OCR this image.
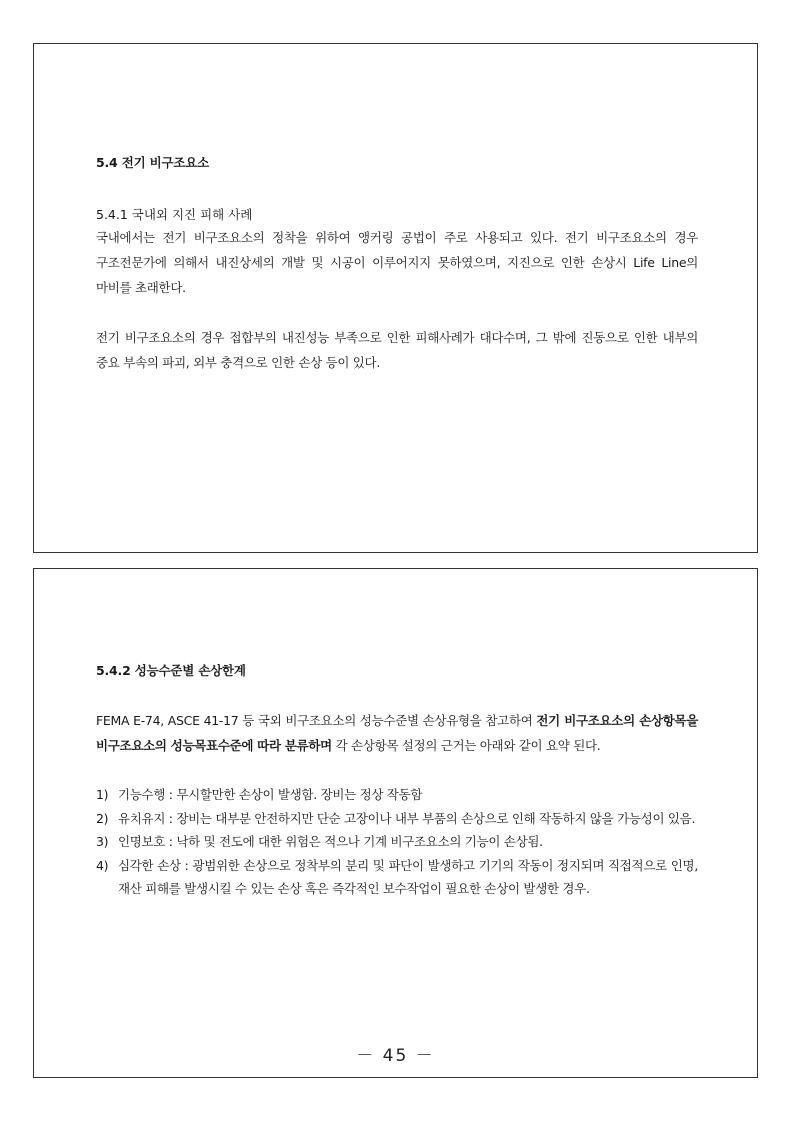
5.4 전기 비구조요소

5.4.1 국내외 지진 피해 사례

국내에서는 전기 비구조요소의 정착을 위하여 앵커링 공법이 주로 사용되고 있다. 전기 비구조요소의 경우 구조전문가에 의해서 내진상세의 개발 및 시공이 이루어지지 못하였으며, 지진으로 인한 손상시 Life Line의 마비를 초래한다.

전기 비구조요소의 경우 접합부의 내진성능 부족으로 인한 피해사례가 대다수며, 그 밖에 진동으로 인한 내부의 중요 부속의 파괴, 외부 충격으로 인한 손상 등이 있다.

5.4.2 성능수준별 손상한계

FEMA E-74, ASCE 41-17 등 국외 비구조요소의 성능수준별 손상유형을 참고하여 전기 비구조요소의 손상항목을 비구조요소의 성능목표수준에 따라 분류하며 각 손상항목 설정의 근거는 아래와 같이 요약 된다.

1) 기능수행 : 무시할만한 손상이 발생함. 장비는 정상 작동함
2) 유치유지 : 장비는 대부분 안전하지만 단순 고장이나 내부 부품의 손상으로 인해 작동하지 않을 가능성이 있음.
3) 인명보호 : 낙하 및 전도에 대한 위험은 적으나 기계 비구조요소의 기능이 손상됨.
4) 심각한 손상 : 광범위한 손상으로 정착부의 분리 및 파단이 발생하고 기기의 작동이 정지되며 직접적으로 인명, 재산 피해를 발생시킬 수 있는 손상 혹은 즉각적인 보수작업이 필요한 손상이 발생한 경우.
－ 45 －
